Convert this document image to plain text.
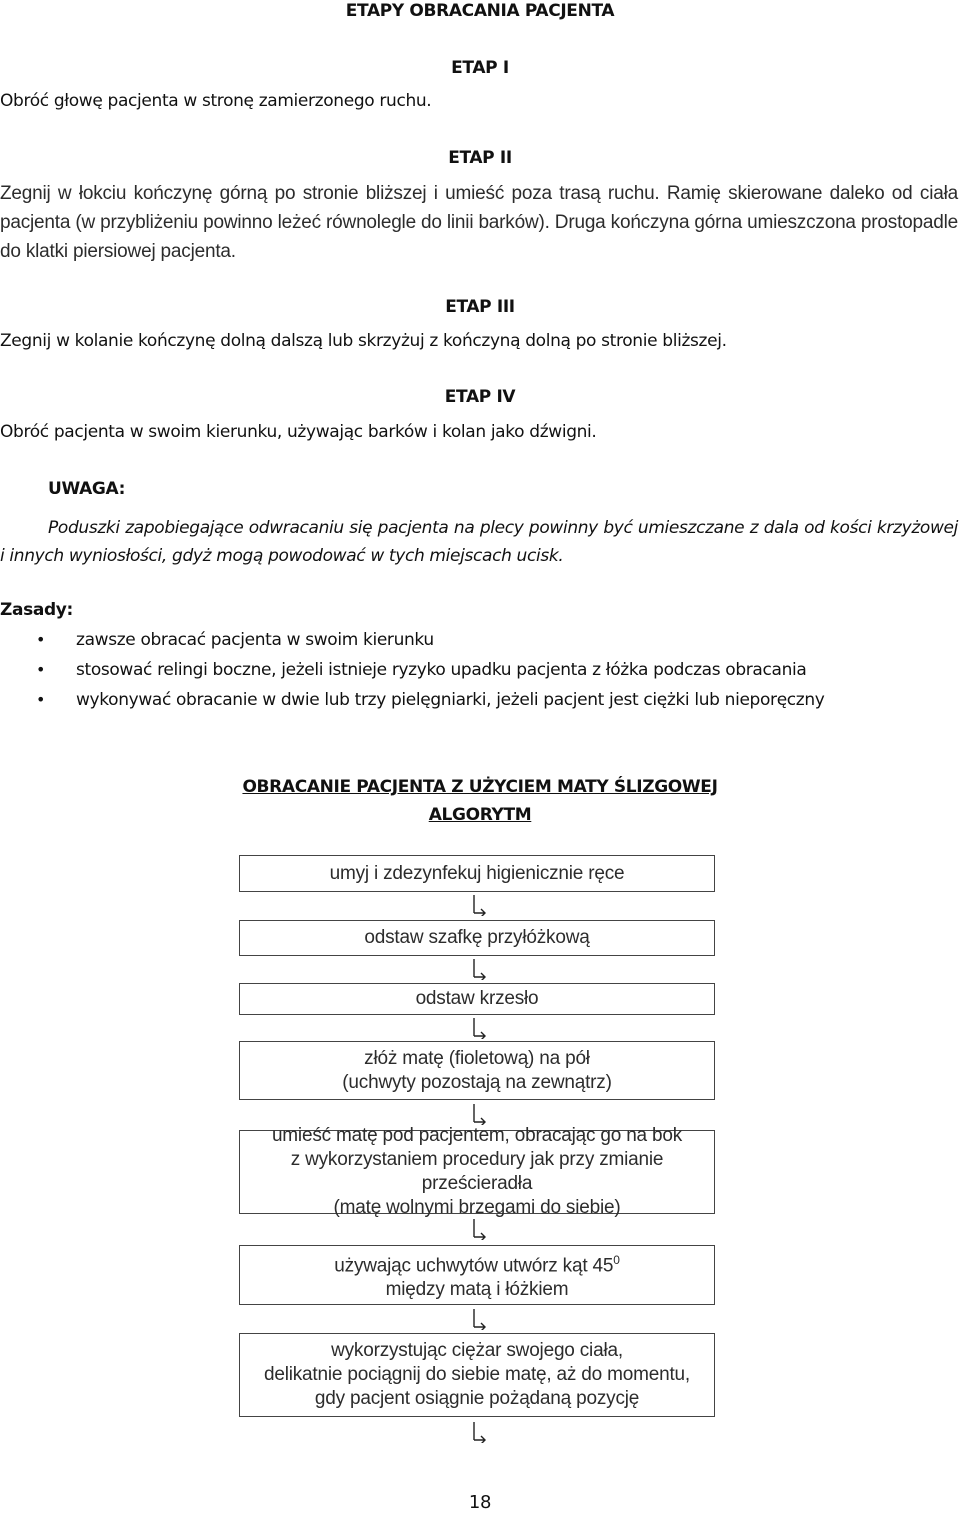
ETAPY OBRACANIA PACJENTA
ETAP I
Obróć głowę pacjenta w stronę zamierzonego ruchu.
ETAP II
Zegnij w łokciu kończynę górną po stronie bliższej i umieść poza trasą ruchu. Ramię skierowane daleko od ciała pacjenta (w przybliżeniu powinno leżeć równolegle do linii barków). Druga kończyna górna umieszczona prostopadle do klatki piersiowej pacjenta.
ETAP III
Zegnij w kolanie kończynę dolną dalszą lub skrzyżuj z kończyną dolną po stronie bliższej.
ETAP IV
Obróć pacjenta w swoim kierunku, używając barków i kolan jako dźwigni.
UWAGA:
Poduszki zapobiegające odwracaniu się pacjenta na plecy powinny być umieszczane z dala od kości krzyżowej i innych wyniosłości, gdyż mogą powodować w tych miejscach ucisk.
Zasady:
• zawsze obracać pacjenta w swoim kierunku
• stosować relingi boczne, jeżeli istnieje ryzyko upadku pacjenta z łóżka podczas obracania
• wykonywać obracanie w dwie lub trzy pielęgniarki, jeżeli pacjent jest ciężki lub nieporęczny
OBRACANIE PACJENTA Z UŻYCIEM MATY ŚLIZGOWEJ
ALGORYTM
umyj i zdezynfekuj higienicznie ręce
odstaw szafkę przyłóżkową
odstaw krzesło
złóż matę (fioletową) na pół
(uchwyty pozostają na zewnątrz)
umieść matę pod pacjentem, obracając go na bok
z wykorzystaniem procedury jak przy zmianie prześcieradła
(matę wolnymi brzegami do siebie)
używając uchwytów utwórz kąt $45^0$
między matą i łóżkiem
wykorzystując ciężar swojego ciała,
delikatnie pociągnij do siebie matę, aż do momentu,
gdy pacjent osiągnie pożądaną pozycję
18
